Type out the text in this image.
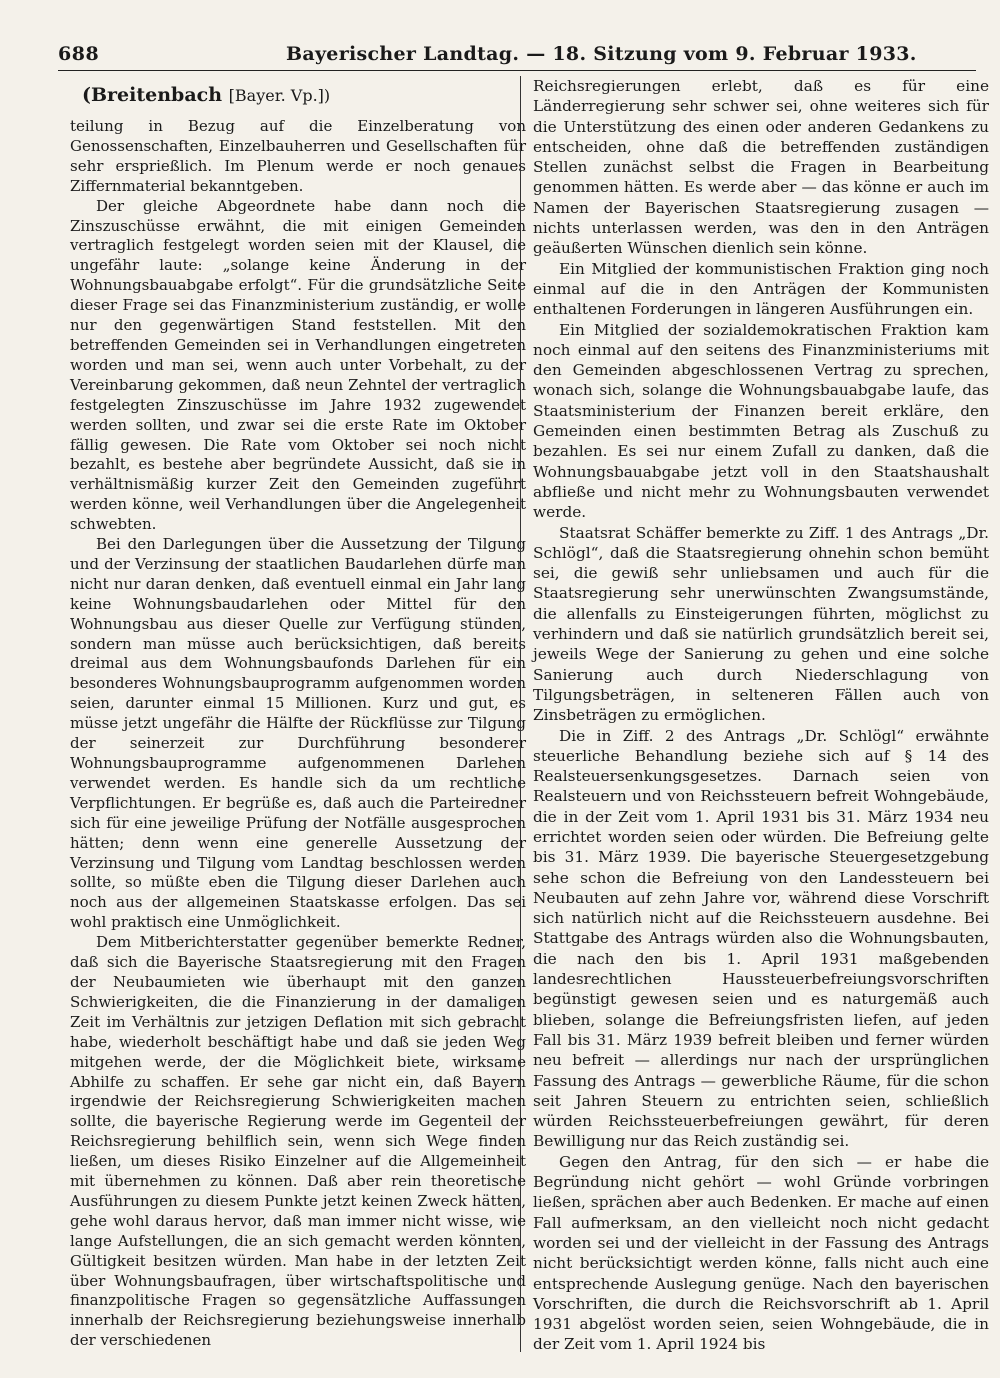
688	Bayerischer Landtag. — 18. Sitzung vom 9. Februar 1933.
(Breitenbach [Bayer. Vp.])

teilung in Bezug auf die Einzelberatung von Genossenschaften, Einzelbauherren und Gesellschaften für sehr ersprießlich. Im Plenum werde er noch genaues Ziffernmaterial bekanntgeben.

Der gleiche Abgeordnete habe dann noch die Zinszuschüsse erwähnt, die mit einigen Gemeinden vertraglich festgelegt worden seien mit der Klausel, die ungefähr laute: „solange keine Änderung in der Wohnungsbauabgabe erfolgt“. Für die grundsätzliche Seite dieser Frage sei das Finanzministerium zuständig, er wolle nur den gegenwärtigen Stand feststellen. Mit den betreffenden Gemeinden sei in Verhandlungen eingetreten worden und man sei, wenn auch unter Vorbehalt, zu der Vereinbarung gekommen, daß neun Zehntel der vertraglich festgelegten Zinszuschüsse im Jahre 1932 zugewendet werden sollten, und zwar sei die erste Rate im Oktober fällig gewesen. Die Rate vom Oktober sei noch nicht bezahlt, es bestehe aber begründete Aussicht, daß sie in verhältnismäßig kurzer Zeit den Gemeinden zugeführt werden könne, weil Verhandlungen über die Angelegenheit schwebten.

Bei den Darlegungen über die Aussetzung der Tilgung und der Verzinsung der staatlichen Baudarlehen dürfe man nicht nur daran denken, daß eventuell einmal ein Jahr lang keine Wohnungsbaudarlehen oder Mittel für den Wohnungsbau aus dieser Quelle zur Verfügung stünden, sondern man müsse auch berücksichtigen, daß bereits dreimal aus dem Wohnungsbaufonds Darlehen für ein besonderes Wohnungsbauprogramm aufgenommen worden seien, darunter einmal 15 Millionen. Kurz und gut, es müsse jetzt ungefähr die Hälfte der Rückflüsse zur Tilgung der seinerzeit zur Durchführung besonderer Wohnungsbauprogramme aufgenommenen Darlehen verwendet werden. Es handle sich da um rechtliche Verpflichtungen. Er begrüße es, daß auch die Parteiredner sich für eine jeweilige Prüfung der Notfälle ausgesprochen hätten; denn wenn eine generelle Aussetzung der Verzinsung und Tilgung vom Landtag beschlossen werden sollte, so müßte eben die Tilgung dieser Darlehen auch noch aus der allgemeinen Staatskasse erfolgen. Das sei wohl praktisch eine Unmöglichkeit.

Dem Mitberichterstatter gegenüber bemerkte Redner, daß sich die Bayerische Staatsregierung mit den Fragen der Neubaumieten wie überhaupt mit den ganzen Schwierigkeiten, die die Finanzierung in der damaligen Zeit im Verhältnis zur jetzigen Deflation mit sich gebracht habe, wiederholt beschäftigt habe und daß sie jeden Weg mitgehen werde, der die Möglichkeit biete, wirksame Abhilfe zu schaffen. Er sehe gar nicht ein, daß Bayern irgendwie der Reichsregierung Schwierigkeiten machen sollte, die bayerische Regierung werde im Gegenteil der Reichsregierung behilflich sein, wenn sich Wege finden ließen, um dieses Risiko Einzelner auf die Allgemeinheit mit übernehmen zu können. Daß aber rein theoretische Ausführungen zu diesem Punkte jetzt keinen Zweck hätten, gehe wohl daraus hervor, daß man immer nicht wisse, wie lange Aufstellungen, die an sich gemacht werden könnten, Gültigkeit besitzen würden. Man habe in der letzten Zeit über Wohnungsbaufragen, über wirtschaftspolitische und finanzpolitische Fragen so gegensätzliche Auffassungen innerhalb der Reichsregierung beziehungsweise innerhalb der verschiedenen

Reichsregierungen erlebt, daß es für eine Länderregierung sehr schwer sei, ohne weiteres sich für die Unterstützung des einen oder anderen Gedankens zu entscheiden, ohne daß die betreffenden zuständigen Stellen zunächst selbst die Fragen in Bearbeitung genommen hätten. Es werde aber — das könne er auch im Namen der Bayerischen Staatsregierung zusagen — nichts unterlassen werden, was den in den Anträgen geäußerten Wünschen dienlich sein könne.

Ein Mitglied der kommunistischen Fraktion ging noch einmal auf die in den Anträgen der Kommunisten enthaltenen Forderungen in längeren Ausführungen ein.

Ein Mitglied der sozialdemokratischen Fraktion kam noch einmal auf den seitens des Finanzministeriums mit den Gemeinden abgeschlossenen Vertrag zu sprechen, wonach sich, solange die Wohnungsbauabgabe laufe, das Staatsministerium der Finanzen bereit erkläre, den Gemeinden einen bestimmten Betrag als Zuschuß zu bezahlen. Es sei nur einem Zufall zu danken, daß die Wohnungsbauabgabe jetzt voll in den Staatshaushalt abfließe und nicht mehr zu Wohnungsbauten verwendet werde.

Staatsrat Schäffer bemerkte zu Ziff. 1 des Antrags „Dr. Schlögl“, daß die Staatsregierung ohnehin schon bemüht sei, die gewiß sehr unliebsamen und auch für die Staatsregierung sehr unerwünschten Zwangsumstände, die allenfalls zu Einsteigerungen führten, möglichst zu verhindern und daß sie natürlich grundsätzlich bereit sei, jeweils Wege der Sanierung zu gehen und eine solche Sanierung auch durch Niederschlagung von Tilgungsbeträgen, in selteneren Fällen auch von Zinsbeträgen zu ermöglichen.

Die in Ziff. 2 des Antrags „Dr. Schlögl“ erwähnte steuerliche Behandlung beziehe sich auf § 14 des Realsteuersenkungsgesetzes. Darnach seien von Realsteuern und von Reichssteuern befreit Wohngebäude, die in der Zeit vom 1. April 1931 bis 31. März 1934 neu errichtet worden seien oder würden. Die Befreiung gelte bis 31. März 1939. Die bayerische Steuergesetzgebung sehe schon die Befreiung von den Landessteuern bei Neubauten auf zehn Jahre vor, während diese Vorschrift sich natürlich nicht auf die Reichssteuern ausdehne. Bei Stattgabe des Antrags würden also die Wohnungsbauten, die nach den bis 1. April 1931 maßgebenden landesrechtlichen Haussteuerbefreiungsvorschriften begünstigt gewesen seien und es naturgemäß auch blieben, solange die Befreiungsfristen liefen, auf jeden Fall bis 31. März 1939 befreit bleiben und ferner würden neu befreit — allerdings nur nach der ursprünglichen Fassung des Antrags — gewerbliche Räume, für die schon seit Jahren Steuern zu entrichten seien, schließlich würden Reichssteuerbefreiungen gewährt, für deren Bewilligung nur das Reich zuständig sei.

Gegen den Antrag, für den sich — er habe die Begründung nicht gehört — wohl Gründe vorbringen ließen, sprächen aber auch Bedenken. Er mache auf einen Fall aufmerksam, an den vielleicht noch nicht gedacht worden sei und der vielleicht in der Fassung des Antrags nicht berücksichtigt werden könne, falls nicht auch eine entsprechende Auslegung genüge. Nach den bayerischen Vorschriften, die durch die Reichsvorschrift ab 1. April 1931 abgelöst worden seien, seien Wohngebäude, die in der Zeit vom 1. April 1924 bis
